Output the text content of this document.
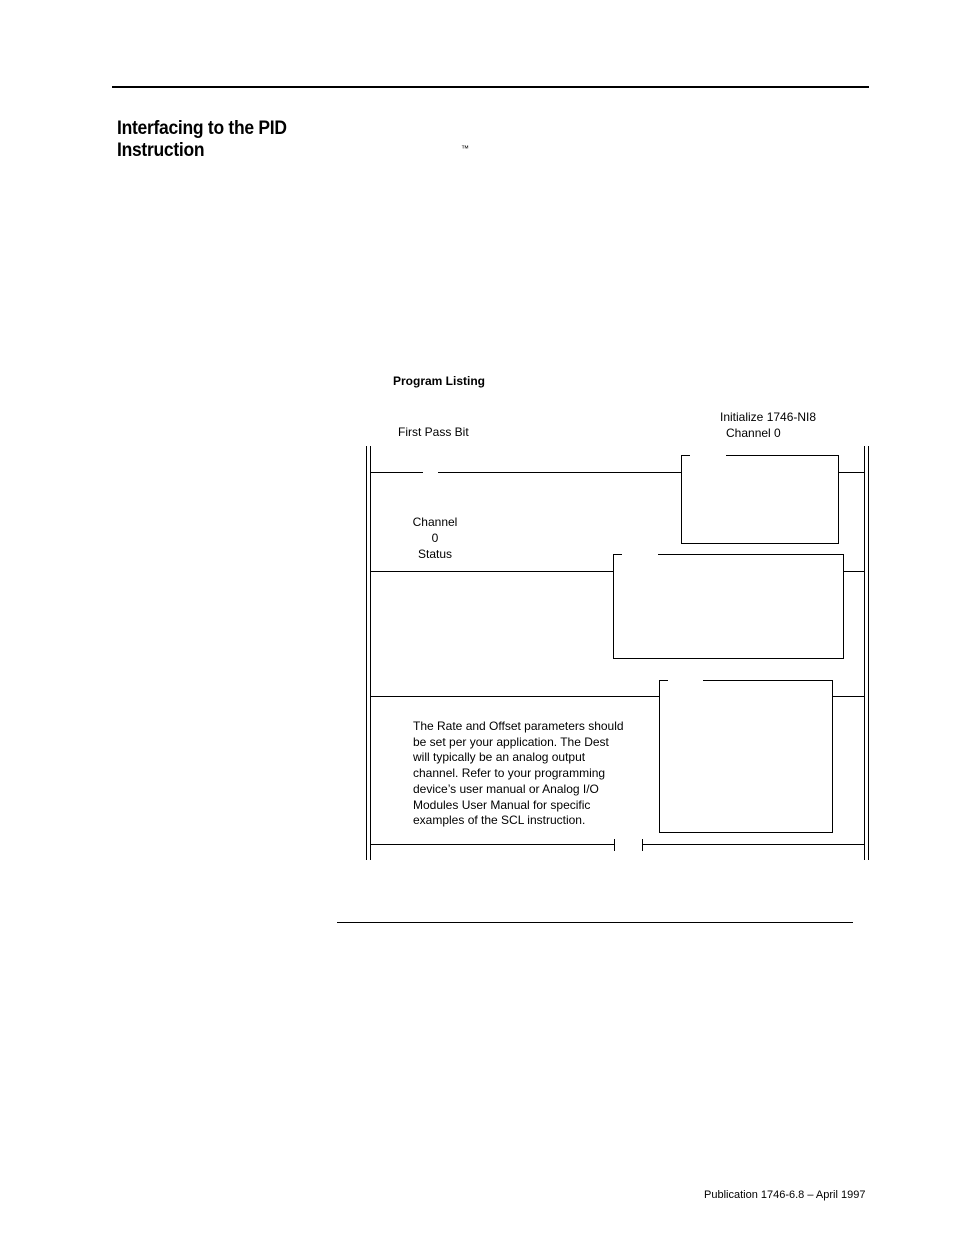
Interfacing to the PID
Instruction	™
Program Listing
First Pass Bit
Initialize 1746-NI8
Channel 0
Channel 0
Status
The Rate and Offset parameters should be set per your application. The Dest will typically be an analog output channel. Refer to your programming device’s user manual or Analog I/O Modules User Manual for specific examples of the SCL instruction.
Publication 1746-6.8 – April 1997
